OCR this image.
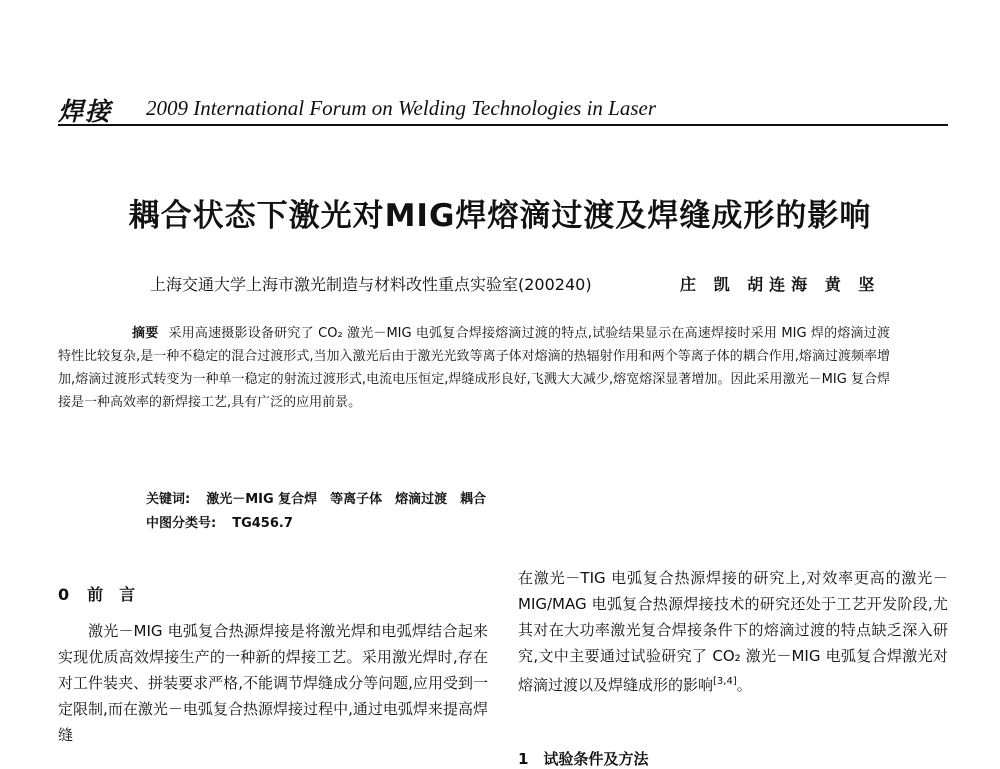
焊接 2009 International Forum on Welding Technologies in Laser
耦合状态下激光对MIG焊熔滴过渡及焊缝成形的影响
上海交通大学上海市激光制造与材料改性重点实验室(200240)	庄 凯 胡连海 黄 坚
摘要 采用高速摄影设备研究了 CO₂ 激光－MIG 电弧复合焊接熔滴过渡的特点,试验结果显示在高速焊接时采用 MIG 焊的熔滴过渡特性比较复杂,是一种不稳定的混合过渡形式,当加入激光后由于激光光致等离子体对熔滴的热辐射作用和两个等离子体的耦合作用,熔滴过渡频率增加,熔滴过渡形式转变为一种单一稳定的射流过渡形式,电流电压恒定,焊缝成形良好,飞溅大大减少,熔宽熔深显著增加。因此采用激光－MIG 复合焊接是一种高效率的新焊接工艺,具有广泛的应用前景。
关键词: 激光－MIG 复合焊　等离子体　熔滴过渡　耦合
中图分类号: TG456.7
0 前　言

激光－MIG 电弧复合热源焊接是将激光焊和电弧焊结合起来实现优质高效焊接生产的一种新的焊接工艺。采用激光焊时,存在对工件装夹、拼装要求严格,不能调节焊缝成分等问题,应用受到一定限制,而在激光－电弧复合热源焊接过程中,通过电弧焊来提高焊缝

在激光－TIG 电弧复合热源焊接的研究上,对效率更高的激光－MIG/MAG 电弧复合热源焊接技术的研究还处于工艺开发阶段,尤其对在大功率激光复合焊接条件下的熔滴过渡的特点缺乏深入研究,文中主要通过试验研究了 CO₂ 激光－MIG 电弧复合焊激光对熔滴过渡以及焊缝成形的影响[3,4]。

1　试验条件及方法
